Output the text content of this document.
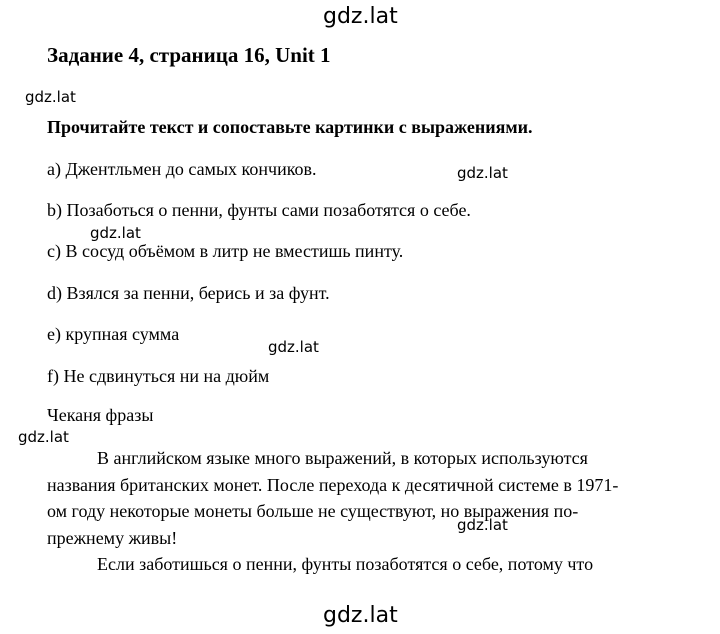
gdz.lat
Задание 4, страница 16, Unit 1
gdz.lat
Прочитайте текст и сопоставьте картинки с выражениями.
a) Джентльмен до самых кончиков.	gdz.lat
b) Позаботься о пенни, фунты сами позаботятся о себе.
gdz.lat
c) В сосуд объёмом в литр не вместишь пинту.
d) Взялся за пенни, берись и за фунт.
e) крупная сумма
gdz.lat
f) Не сдвинуться ни на дюйм
Чеканя фразы
gdz.lat
В английском языке много выражений, в которых используются
названия британских монет. После перехода к десятичной системе в 1971-
ом году некоторые монеты больше не существуют, но выражения по-
gdz.lat
прежнему живы!
Если заботишься о пенни, фунты позаботятся о себе, потому что
gdz.lat
